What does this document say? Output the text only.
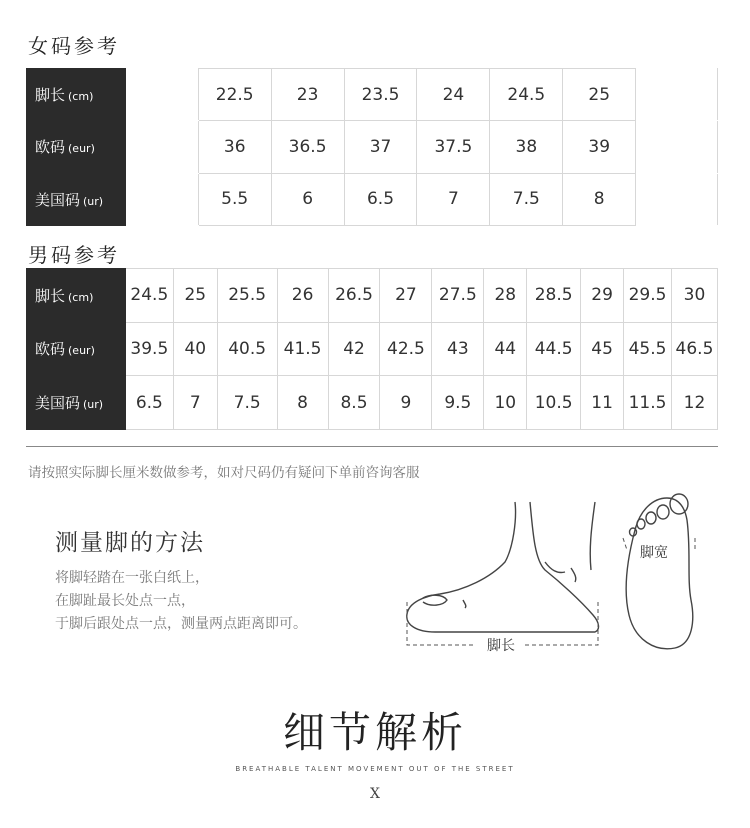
女码参考
脚长 (cm)		22.5	23	23.5	24	24.5	25	
欧码 (eur)		36	36.5	37	37.5	38	39	
美国码 (ur)		5.5	6	6.5	7	7.5	8	
男码参考
脚长 (cm)	24.5	25	25.5	26	26.5	27	27.5	28	28.5	29	29.5	30
欧码 (eur)	39.5	40	40.5	41.5	42	42.5	43	44	44.5	45	45.5	46.5
美国码 (ur)	6.5	7	7.5	8	8.5	9	9.5	10	10.5	11	11.5	12
请按照实际脚长厘米数做参考，如对尺码仍有疑问下单前咨询客服
测量脚的方法
将脚轻踏在一张白纸上，
在脚趾最长处点一点，
于脚后跟处点一点，测量两点距离即可。
脚长
脚宽
细节解析
BREATHABLE TALENT MOVEMENT OUT OF THE STREET
X
